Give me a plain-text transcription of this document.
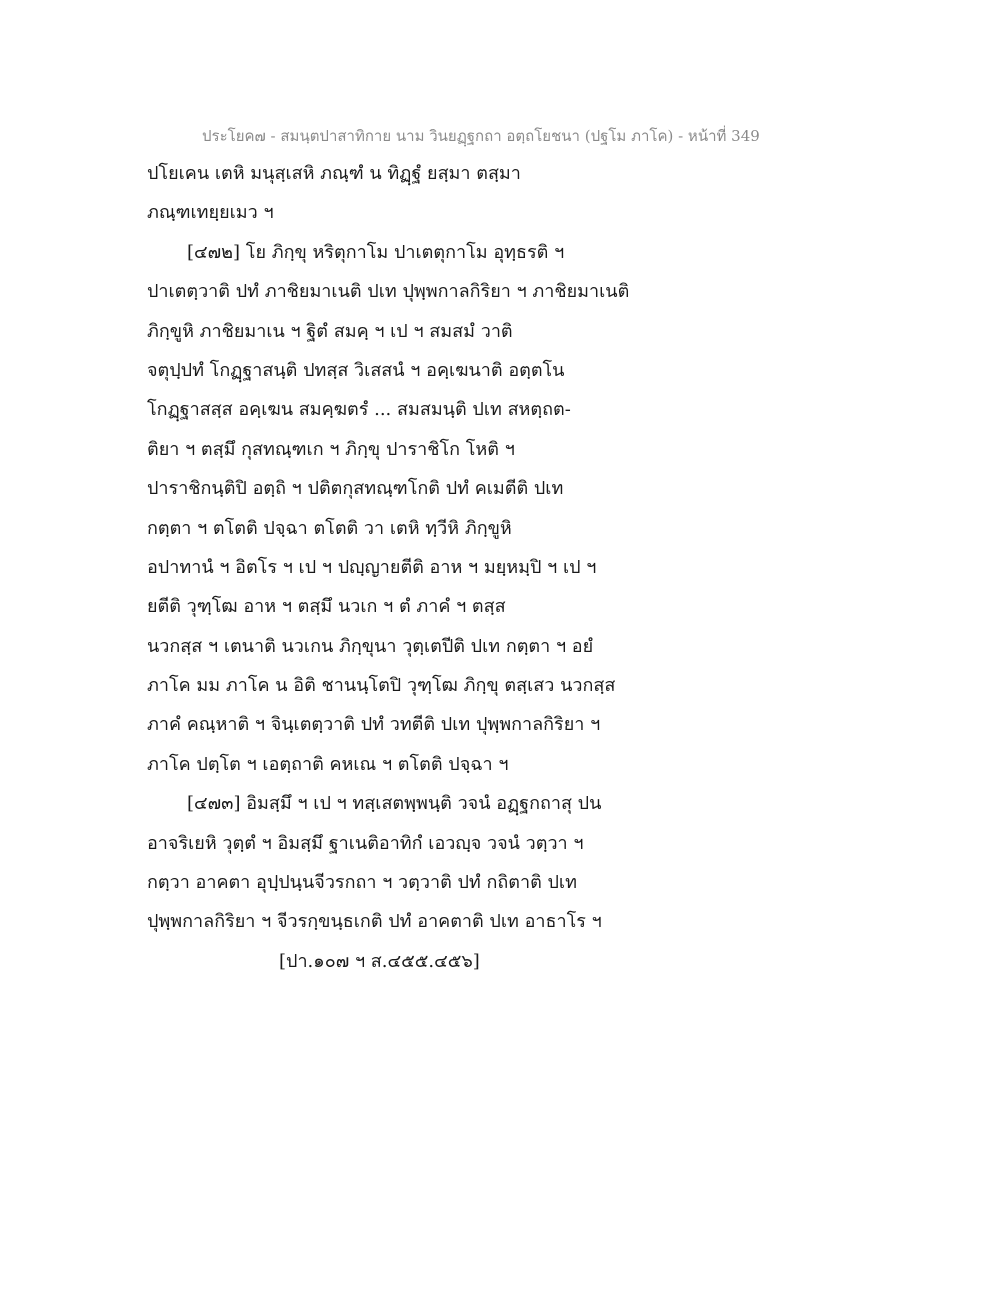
ประโยค๗ - สมนฺตปาสาทิกาย นาม วินยฏฺฐกถา อตฺถโยชนา (ปฐโม ภาโค) - หน้าที่ 349
ปโยเคน เตหิ มนุสฺเสหิ ภณฺฑํ น ทิฏฺฐํ ยสฺมา ตสฺมา
ภณฺฑเทยฺยเมว ฯ
[๔๗๒] โย ภิกฺขุ หริตุกาโม ปาเตตุกาโม อุทฺธรติ ฯ
ปาเตตฺวาติ ปทํ ภาชิยมาเนติ ปเท ปุพฺพกาลกิริยา ฯ ภาชิยมาเนติ
ภิกฺขูหิ ภาชิยมาเน ฯ ฐิตํ สมคฺ ฯ เป ฯ สมสมํ วาติ
จตุปฺปทํ โกฏฺฐาสนฺติ ปทสฺส วิเสสนํ ฯ อคฺเฆนาติ อตฺตโน
โกฏฺฐาสสฺส อคฺเฆน สมคฺฆตรํ ... สมสมนฺติ ปเท สหตฺถต-
ติยา ฯ ตสฺมึ กุสทณฺฑเก ฯ ภิกฺขุ ปาราชิโก โหติ ฯ
ปาราชิกนฺติปิ อตฺถิ ฯ ปติตกุสทณฺฑโกติ ปทํ คเมตีติ ปเท
กตฺตา ฯ ตโตติ ปจฺฉา ตโตติ วา เตหิ ทฺวีหิ ภิกฺขูหิ
อปาทานํ ฯ อิตโร ฯ เป ฯ ปญฺญายตีติ อาห ฯ มยฺหมฺปิ ฯ เป ฯ
ยตีติ วุฑฺโฒ อาห ฯ ตสฺมึ นวเก ฯ ตํ ภาคํ ฯ ตสฺส
นวกสฺส ฯ เตนาติ นวเกน ภิกฺขุนา วุตฺเตปีติ ปเท กตฺตา ฯ อยํ
ภาโค มม ภาโค น อิติ ชานนฺโตปิ วุฑฺโฒ ภิกฺขุ ตสฺเสว นวกสฺส
ภาคํ คณฺหาติ ฯ จินฺเตตฺวาติ ปทํ วทตีติ ปเท ปุพฺพกาลกิริยา ฯ
ภาโค ปตฺโต ฯ เอตฺถาติ คหเณ ฯ ตโตติ ปจฺฉา ฯ
[๔๗๓] อิมสฺมึ ฯ เป ฯ ทสฺเสตพฺพนฺติ วจนํ อฏฺฐกถาสุ ปน
อาจริเยหิ วุตฺตํ ฯ อิมสฺมึ ฐาเนติอาทิกํ เอวญฺจ วจนํ วตฺวา ฯ
กตฺวา อาคตา อุปฺปนฺนจีวรกถา ฯ วตฺวาติ ปทํ กถิตาติ ปเท
ปุพฺพกาลกิริยา ฯ จีวรกฺขนฺธเกติ ปทํ อาคตาติ ปเท อาธาโร ฯ
[ปา.๑๐๗ ฯ ส.๔๕๕.๔๕๖]
